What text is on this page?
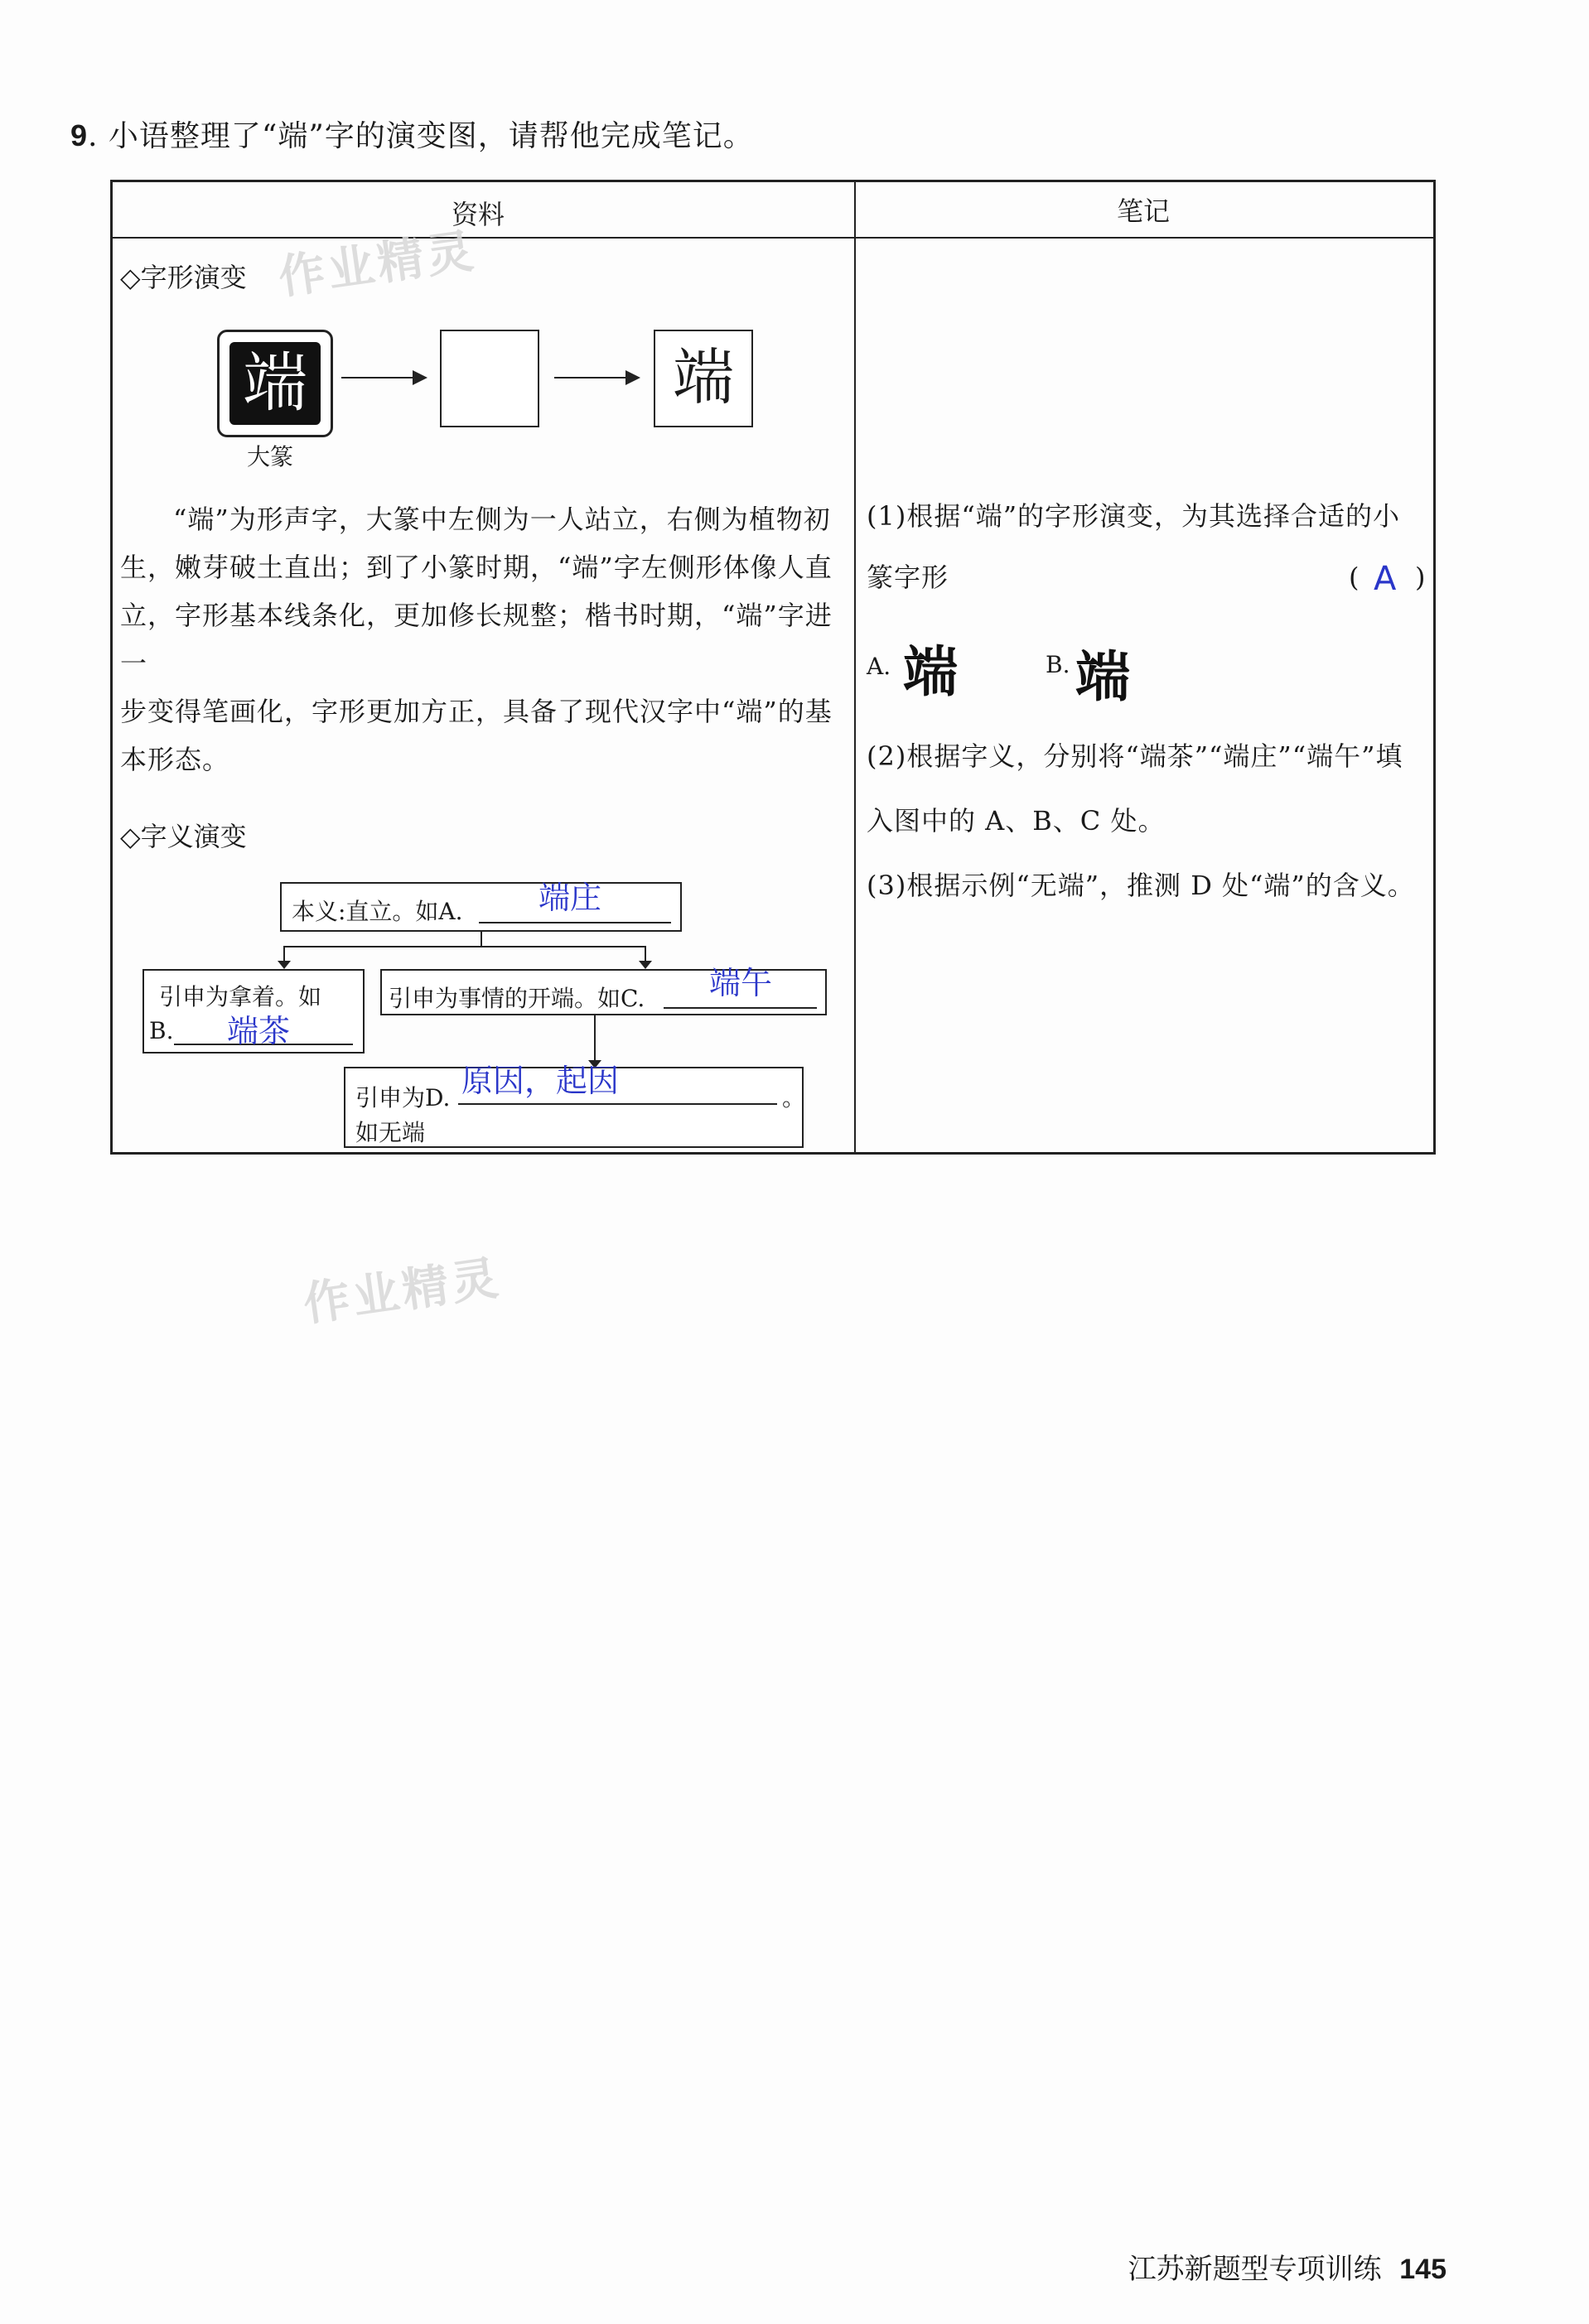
9. 小语整理了“端”字的演变图，请帮他完成笔记。
资料	笔记
作业精灵
作业精灵
◇字形演变
端
大篆
端
“端”为形声字，大篆中左侧为一人站立，右侧为植物初
生，嫩芽破土直出；到了小篆时期，“端”字左侧形体像人直
立，字形基本线条化，更加修长规整；楷书时期，“端”字进一
步变得笔画化，字形更加方正，具备了现代汉字中“端”的基
本形态。
◇字义演变
本义:直立。如A. 端庄
引申为拿着。如
B. 端茶
引申为事情的开端。如C. 端午
引申为D.	。
原因，起因
如无端
(1)根据“端”的字形演变，为其选择合适的小
篆字形	( A )
A. 端	B. 端
(2)根据字义，分别将“端茶”“端庄”“端午”填
入图中的 A、B、C 处。
(3)根据示例“无端”，推测 D 处“端”的含义。
江苏新题型专项训练 145
